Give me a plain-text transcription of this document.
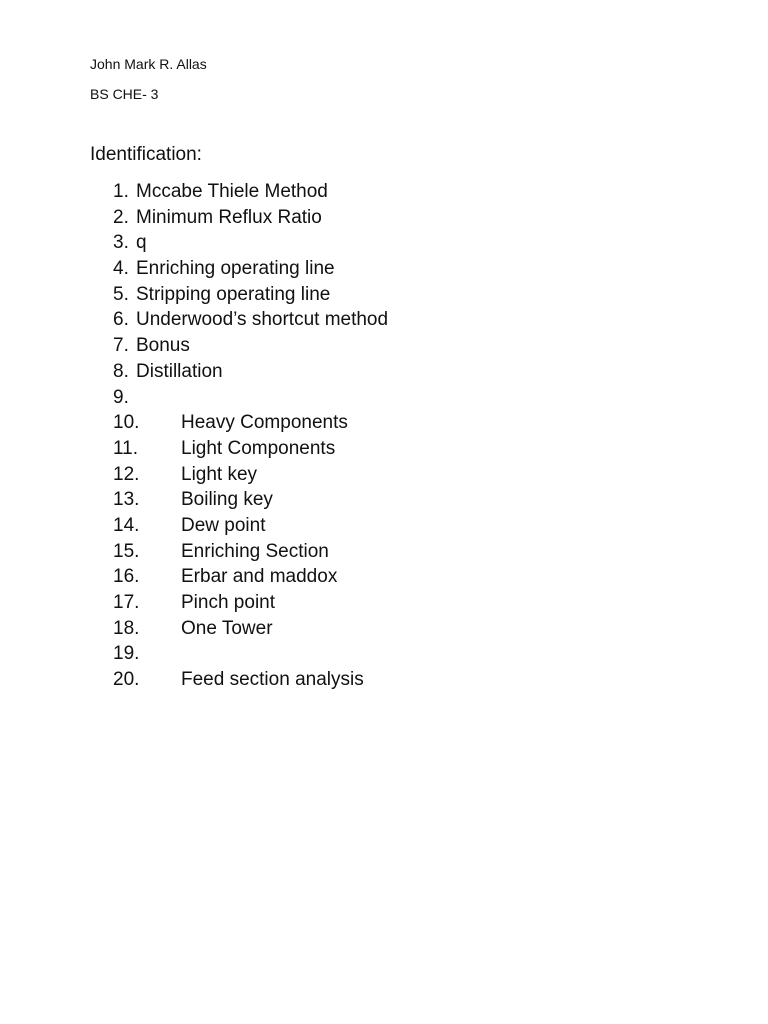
John Mark R. Allas
BS CHE- 3
Identification:
1. Mccabe Thiele Method
2. Minimum Reflux Ratio
3. q
4. Enriching operating line
5. Stripping operating line
6. Underwood’s shortcut method
7. Bonus
8. Distillation
9.
10. Heavy Components
11. Light Components
12. Light key
13. Boiling key
14. Dew point
15. Enriching Section
16. Erbar and maddox
17. Pinch point
18. One Tower
19.
20. Feed section analysis
